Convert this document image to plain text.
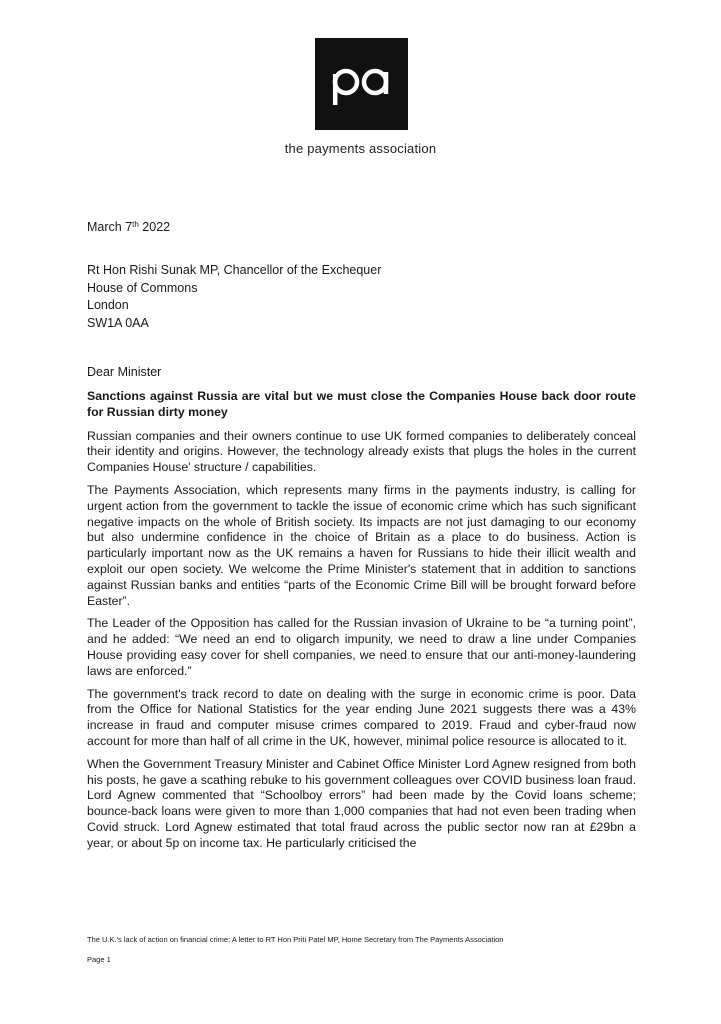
the payments association
March 7th 2022
Rt Hon Rishi Sunak MP, Chancellor of the Exchequer
House of Commons
London
SW1A 0AA
Dear Minister

Sanctions against Russia are vital but we must close the Companies House back door route for Russian dirty money

Russian companies and their owners continue to use UK formed companies to deliberately conceal their identity and origins. However, the technology already exists that plugs the holes in the current Companies House' structure / capabilities.

The Payments Association, which represents many firms in the payments industry, is calling for urgent action from the government to tackle the issue of economic crime which has such significant negative impacts on the whole of British society. Its impacts are not just damaging to our economy but also undermine confidence in the choice of Britain as a place to do business. Action is particularly important now as the UK remains a haven for Russians to hide their illicit wealth and exploit our open society. We welcome the Prime Minister's statement that in addition to sanctions against Russian banks and entities “parts of the Economic Crime Bill will be brought forward before Easter”.

The Leader of the Opposition has called for the Russian invasion of Ukraine to be “a turning point”, and he added: “We need an end to oligarch impunity, we need to draw a line under Companies House providing easy cover for shell companies, we need to ensure that our anti-money-laundering laws are enforced.”

The government's track record to date on dealing with the surge in economic crime is poor. Data from the Office for National Statistics for the year ending June 2021 suggests there was a 43% increase in fraud and computer misuse crimes compared to 2019. Fraud and cyber-fraud now account for more than half of all crime in the UK, however, minimal police resource is allocated to it.

When the Government Treasury Minister and Cabinet Office Minister Lord Agnew resigned from both his posts, he gave a scathing rebuke to his government colleagues over COVID business loan fraud. Lord Agnew commented that “Schoolboy errors” had been made by the Covid loans scheme; bounce-back loans were given to more than 1,000 companies that had not even been trading when Covid struck. Lord Agnew estimated that total fraud across the public sector now ran at £29bn a year, or about 5p on income tax. He particularly criticised the

The U.K.'s lack of action on financial crime: A letter to RT Hon Priti Patel MP, Home Secretary from The Payments Association
Page 1
